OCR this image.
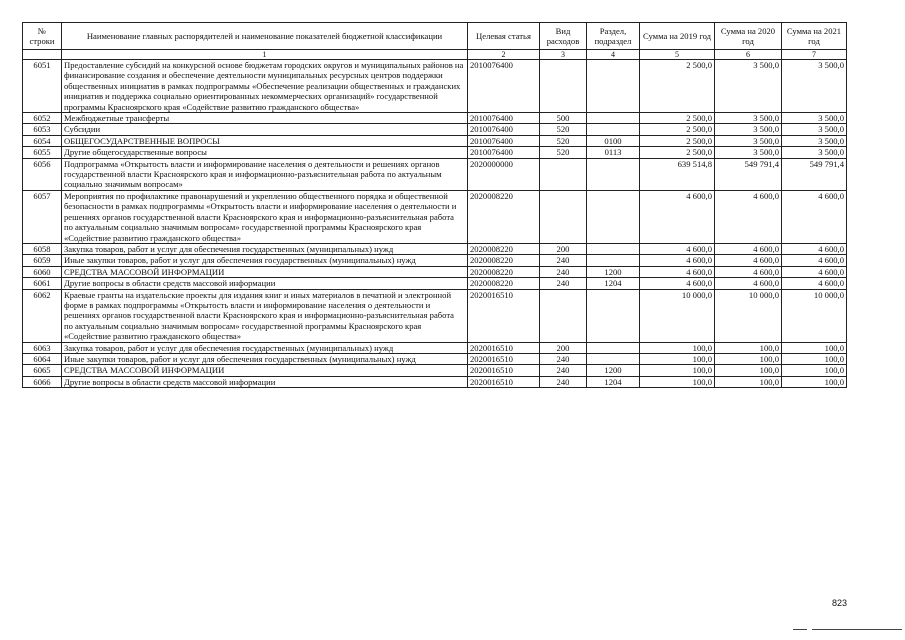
№ строки	Наименование главных распорядителей и наименование показателей бюджетной классификации	Целевая статья	Вид расходов	Раздел, подраздел	Сумма на 2019 год	Сумма на 2020 год	Сумма на 2021 год
	1	2	3	4	5	6	7
6051	Предоставление субсидий на конкурсной основе бюджетам городских округов и муниципальных районов на финансирование создания и обеспечение деятельности муниципальных ресурсных центров поддержки общественных инициатив в рамках подпрограммы «Обеспечение реализации общественных и гражданских инициатив и поддержка социально ориентированных некоммерческих организаций» государственной программы Красноярского края «Содействие развитию гражданского общества»	2010076400			2 500,0	3 500,0	3 500,0
6052	Межбюджетные трансферты	2010076400	500		2 500,0	3 500,0	3 500,0
6053	Субсидии	2010076400	520		2 500,0	3 500,0	3 500,0
6054	ОБЩЕГОСУДАРСТВЕННЫЕ ВОПРОСЫ	2010076400	520	0100	2 500,0	3 500,0	3 500,0
6055	Другие общегосударственные вопросы	2010076400	520	0113	2 500,0	3 500,0	3 500,0
6056	Подпрограмма «Открытость власти и информирование населения о деятельности и решениях органов государственной власти Красноярского края и информационно-разъяснительная работа по актуальным социально значимым вопросам»	2020000000			639 514,8	549 791,4	549 791,4
6057	Мероприятия по профилактике правонарушений и укреплению общественного порядка и общественной безопасности в рамках подпрограммы «Открытость власти и информирование населения о деятельности и решениях органов государственной власти Красноярского края и информационно-разъяснительная работа по актуальным социально значимым вопросам» государственной программы Красноярского края «Содействие развитию гражданского общества»	2020008220			4 600,0	4 600,0	4 600,0
6058	Закупка товаров, работ и услуг для обеспечения государственных (муниципальных) нужд	2020008220	200		4 600,0	4 600,0	4 600,0
6059	Иные закупки товаров, работ и услуг для обеспечения государственных (муниципальных) нужд	2020008220	240		4 600,0	4 600,0	4 600,0
6060	СРЕДСТВА МАССОВОЙ ИНФОРМАЦИИ	2020008220	240	1200	4 600,0	4 600,0	4 600,0
6061	Другие вопросы в области средств массовой информации	2020008220	240	1204	4 600,0	4 600,0	4 600,0
6062	Краевые гранты на издательские проекты для издания книг и иных материалов в печатной и электронной форме в рамках подпрограммы «Открытость власти и информирование населения о деятельности и решениях органов государственной власти Красноярского края и информационно-разъяснительная работа по актуальным социально значимым вопросам» государственной программы Красноярского края «Содействие развитию гражданского общества»	2020016510			10 000,0	10 000,0	10 000,0
6063	Закупка товаров, работ и услуг для обеспечения государственных (муниципальных) нужд	2020016510	200		100,0	100,0	100,0
6064	Иные закупки товаров, работ и услуг для обеспечения государственных (муниципальных) нужд	2020016510	240		100,0	100,0	100,0
6065	СРЕДСТВА МАССОВОЙ ИНФОРМАЦИИ	2020016510	240	1200	100,0	100,0	100,0
6066	Другие вопросы в области средств массовой информации	2020016510	240	1204	100,0	100,0	100,0
823
